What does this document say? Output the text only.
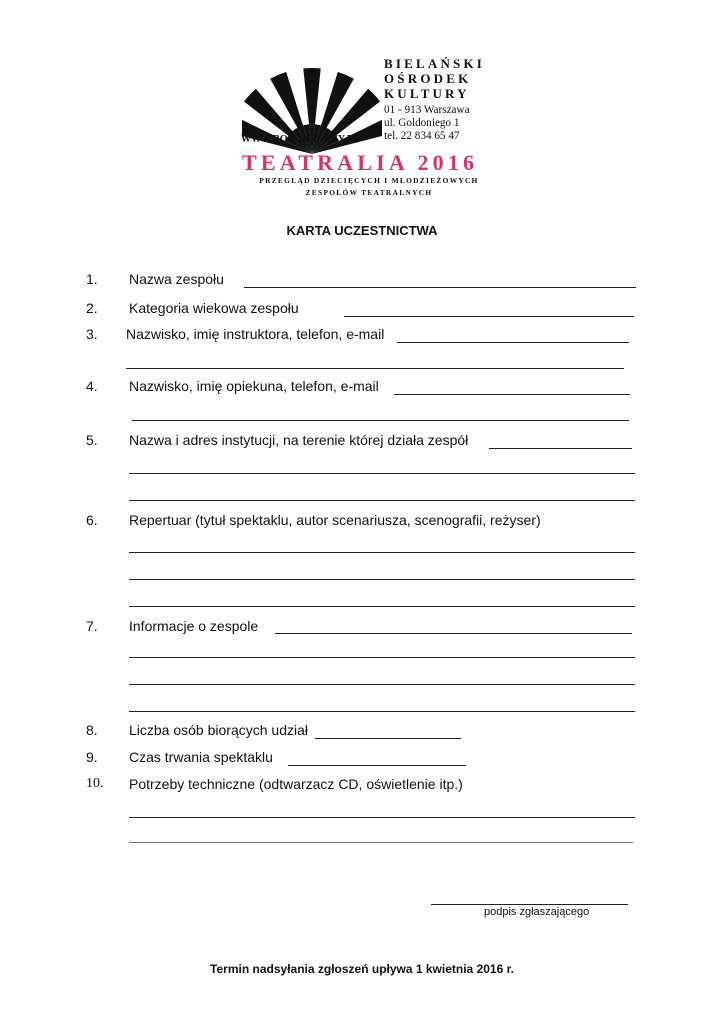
WWW.BOK-BIELANY.EU
BIELAŃSKI
OŚRODEK
KULTURY
01 - 913 Warszawa
ul. Goldoniego 1
tel. 22 834 65 47
TEATRALIA 2016
PRZEGLĄD DZIECIĘCYCH I MŁODZIEŻOWYCH
ZESPOŁÓW TEATRALNYCH
KARTA UCZESTNICTWA
1. Nazwa zespołu
2. Kategoria wiekowa zespołu
3. Nazwisko, imię instruktora, telefon, e-mail
4. Nazwisko, imię opiekuna, telefon, e-mail
5. Nazwa i adres instytucji, na terenie której działa zespół
6. Repertuar (tytuł spektaklu, autor scenariusza, scenografii, reżyser)
7. Informacje o zespole
8. Liczba osób biorących udział
9. Czas trwania spektaklu
10. Potrzeby techniczne (odtwarzacz CD, oświetlenie itp.)
podpis zgłaszającego
Termin nadsyłania zgłoszeń upływa 1 kwietnia 2016 r.
